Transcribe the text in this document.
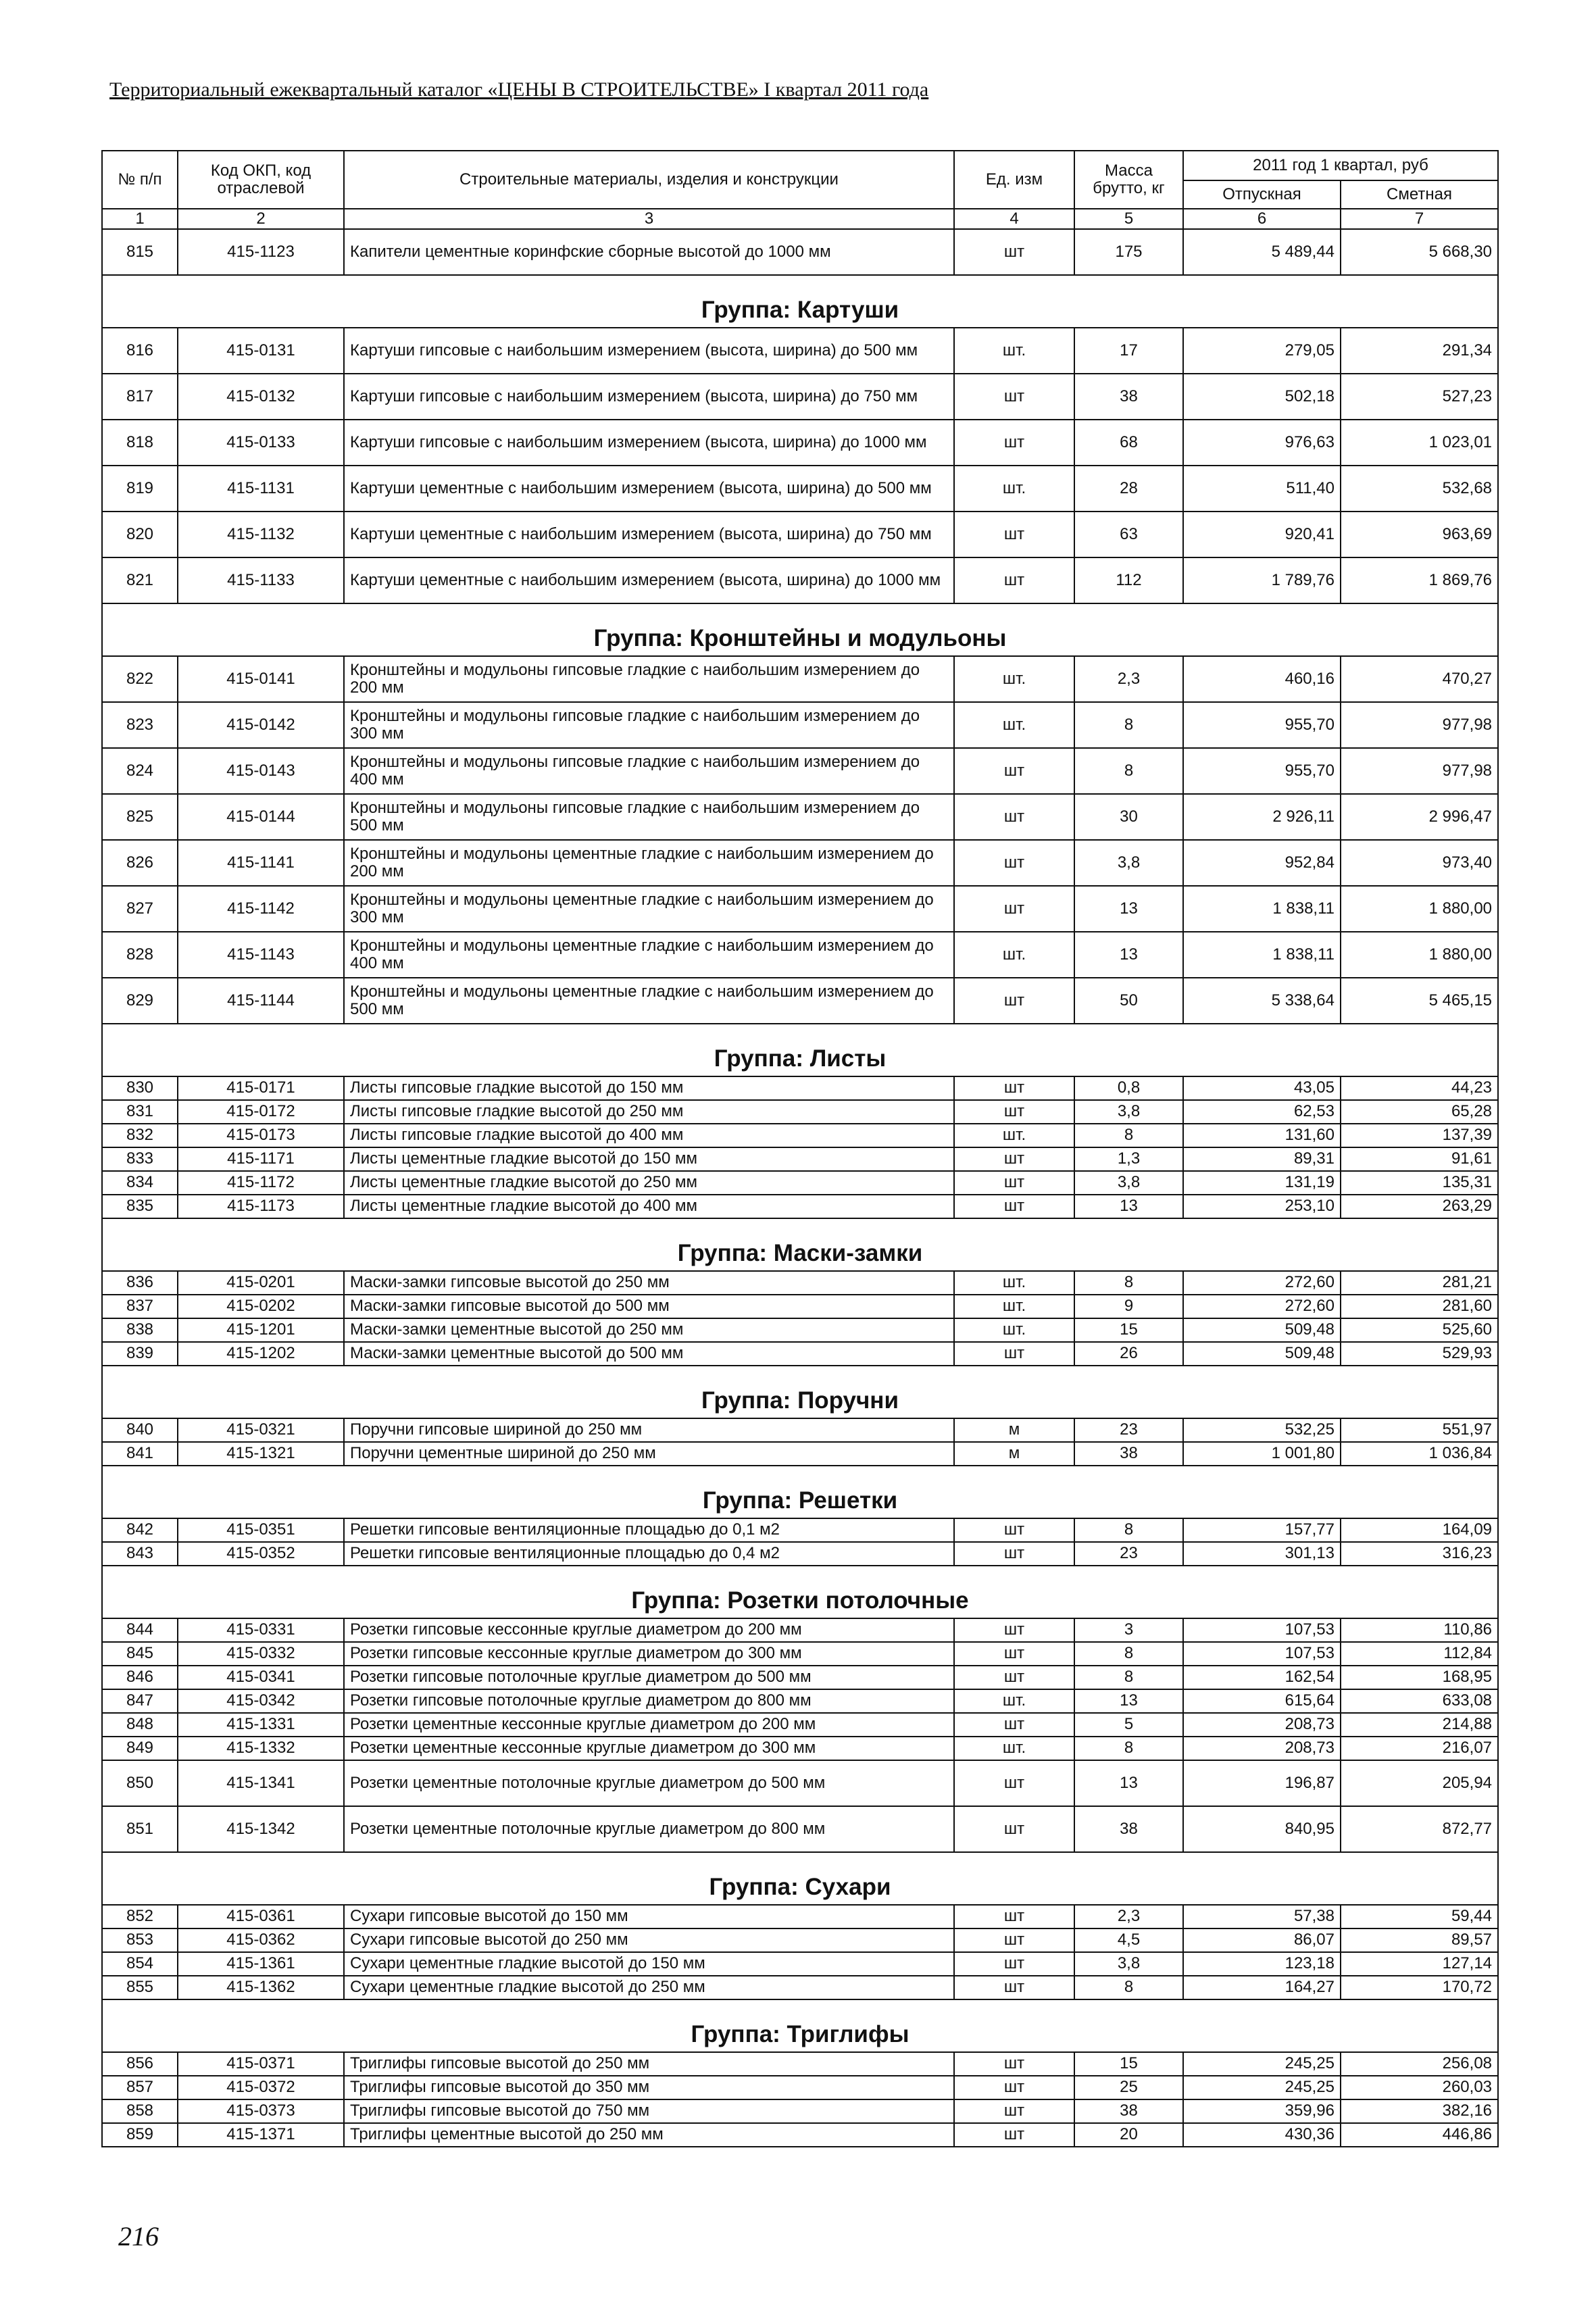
Территориальный ежеквартальный каталог «ЦЕНЫ В СТРОИТЕЛЬСТВЕ» I квартал 2011 года
№ п/п	Код ОКП, код отраслевой	Строительные материалы, изделия и конструкции	Ед. изм	Масса брутто, кг	2011 год 1 квартал, руб	
					Отпускная	Сметная
1	2	3	4	5	6	7
815	415-1123	Капители цементные коринфские сборные высотой до 1000 мм	шт	175	5 489,44	5 668,30
Группа: Картуши						
816	415-0131	Картуши гипсовые с наибольшим измерением (высота, ширина) до 500 мм	шт.	17	279,05	291,34
817	415-0132	Картуши гипсовые с наибольшим измерением (высота, ширина) до 750 мм	шт	38	502,18	527,23
818	415-0133	Картуши гипсовые с наибольшим измерением (высота, ширина) до 1000 мм	шт	68	976,63	1 023,01
819	415-1131	Картуши цементные с наибольшим измерением (высота, ширина) до 500 мм	шт.	28	511,40	532,68
820	415-1132	Картуши цементные с наибольшим измерением (высота, ширина) до 750 мм	шт	63	920,41	963,69
821	415-1133	Картуши цементные с наибольшим измерением (высота, ширина) до 1000 мм	шт	112	1 789,76	1 869,76
Группа: Кронштейны и модульоны						
822	415-0141	Кронштейны и модульоны гипсовые гладкие с наибольшим измерением до 200 мм	шт.	2,3	460,16	470,27
823	415-0142	Кронштейны и модульоны гипсовые гладкие с наибольшим измерением до 300 мм	шт.	8	955,70	977,98
824	415-0143	Кронштейны и модульоны гипсовые гладкие с наибольшим измерением до 400 мм	шт	8	955,70	977,98
825	415-0144	Кронштейны и модульоны гипсовые гладкие с наибольшим измерением до 500 мм	шт	30	2 926,11	2 996,47
826	415-1141	Кронштейны и модульоны цементные гладкие с наибольшим измерением до 200 мм	шт	3,8	952,84	973,40
827	415-1142	Кронштейны и модульоны цементные гладкие с наибольшим измерением до 300 мм	шт	13	1 838,11	1 880,00
828	415-1143	Кронштейны и модульоны цементные гладкие с наибольшим измерением до 400 мм	шт.	13	1 838,11	1 880,00
829	415-1144	Кронштейны и модульоны цементные гладкие с наибольшим измерением до 500 мм	шт	50	5 338,64	5 465,15
Группа: Листы						
830	415-0171	Листы гипсовые гладкие высотой до 150 мм	шт	0,8	43,05	44,23
831	415-0172	Листы гипсовые гладкие высотой до 250 мм	шт	3,8	62,53	65,28
832	415-0173	Листы гипсовые гладкие высотой до 400 мм	шт.	8	131,60	137,39
833	415-1171	Листы цементные гладкие высотой до 150 мм	шт	1,3	89,31	91,61
834	415-1172	Листы цементные гладкие высотой до 250 мм	шт	3,8	131,19	135,31
835	415-1173	Листы цементные гладкие высотой до 400 мм	шт	13	253,10	263,29
Группа: Маски-замки						
836	415-0201	Маски-замки гипсовые высотой до 250 мм	шт.	8	272,60	281,21
837	415-0202	Маски-замки гипсовые высотой до 500 мм	шт.	9	272,60	281,60
838	415-1201	Маски-замки цементные высотой до 250 мм	шт.	15	509,48	525,60
839	415-1202	Маски-замки цементные высотой до 500 мм	шт	26	509,48	529,93
Группа: Поручни						
840	415-0321	Поручни гипсовые шириной до 250 мм	м	23	532,25	551,97
841	415-1321	Поручни цементные шириной до 250 мм	м	38	1 001,80	1 036,84
Группа: Решетки						
842	415-0351	Решетки гипсовые вентиляционные площадью до 0,1 м2	шт	8	157,77	164,09
843	415-0352	Решетки гипсовые вентиляционные площадью до 0,4 м2	шт	23	301,13	316,23
Группа: Розетки потолочные						
844	415-0331	Розетки гипсовые кессонные круглые диаметром до 200 мм	шт	3	107,53	110,86
845	415-0332	Розетки гипсовые кессонные круглые диаметром до 300 мм	шт	8	107,53	112,84
846	415-0341	Розетки гипсовые потолочные круглые диаметром до 500 мм	шт	8	162,54	168,95
847	415-0342	Розетки гипсовые потолочные круглые диаметром до 800 мм	шт.	13	615,64	633,08
848	415-1331	Розетки цементные кессонные круглые диаметром до 200 мм	шт	5	208,73	214,88
849	415-1332	Розетки цементные кессонные круглые диаметром до 300 мм	шт.	8	208,73	216,07
850	415-1341	Розетки цементные потолочные круглые диаметром до 500 мм	шт	13	196,87	205,94
851	415-1342	Розетки цементные потолочные круглые диаметром до 800 мм	шт	38	840,95	872,77
Группа: Сухари						
852	415-0361	Сухари гипсовые высотой до 150 мм	шт	2,3	57,38	59,44
853	415-0362	Сухари гипсовые высотой до 250 мм	шт	4,5	86,07	89,57
854	415-1361	Сухари цементные гладкие высотой до 150 мм	шт	3,8	123,18	127,14
855	415-1362	Сухари цементные гладкие высотой до 250 мм	шт	8	164,27	170,72
Группа: Триглифы						
856	415-0371	Триглифы гипсовые высотой до 250 мм	шт	15	245,25	256,08
857	415-0372	Триглифы гипсовые высотой до 350 мм	шт	25	245,25	260,03
858	415-0373	Триглифы гипсовые высотой до 750 мм	шт	38	359,96	382,16
859	415-1371	Триглифы цементные высотой до 250 мм	шт	20	430,36	446,86
216
